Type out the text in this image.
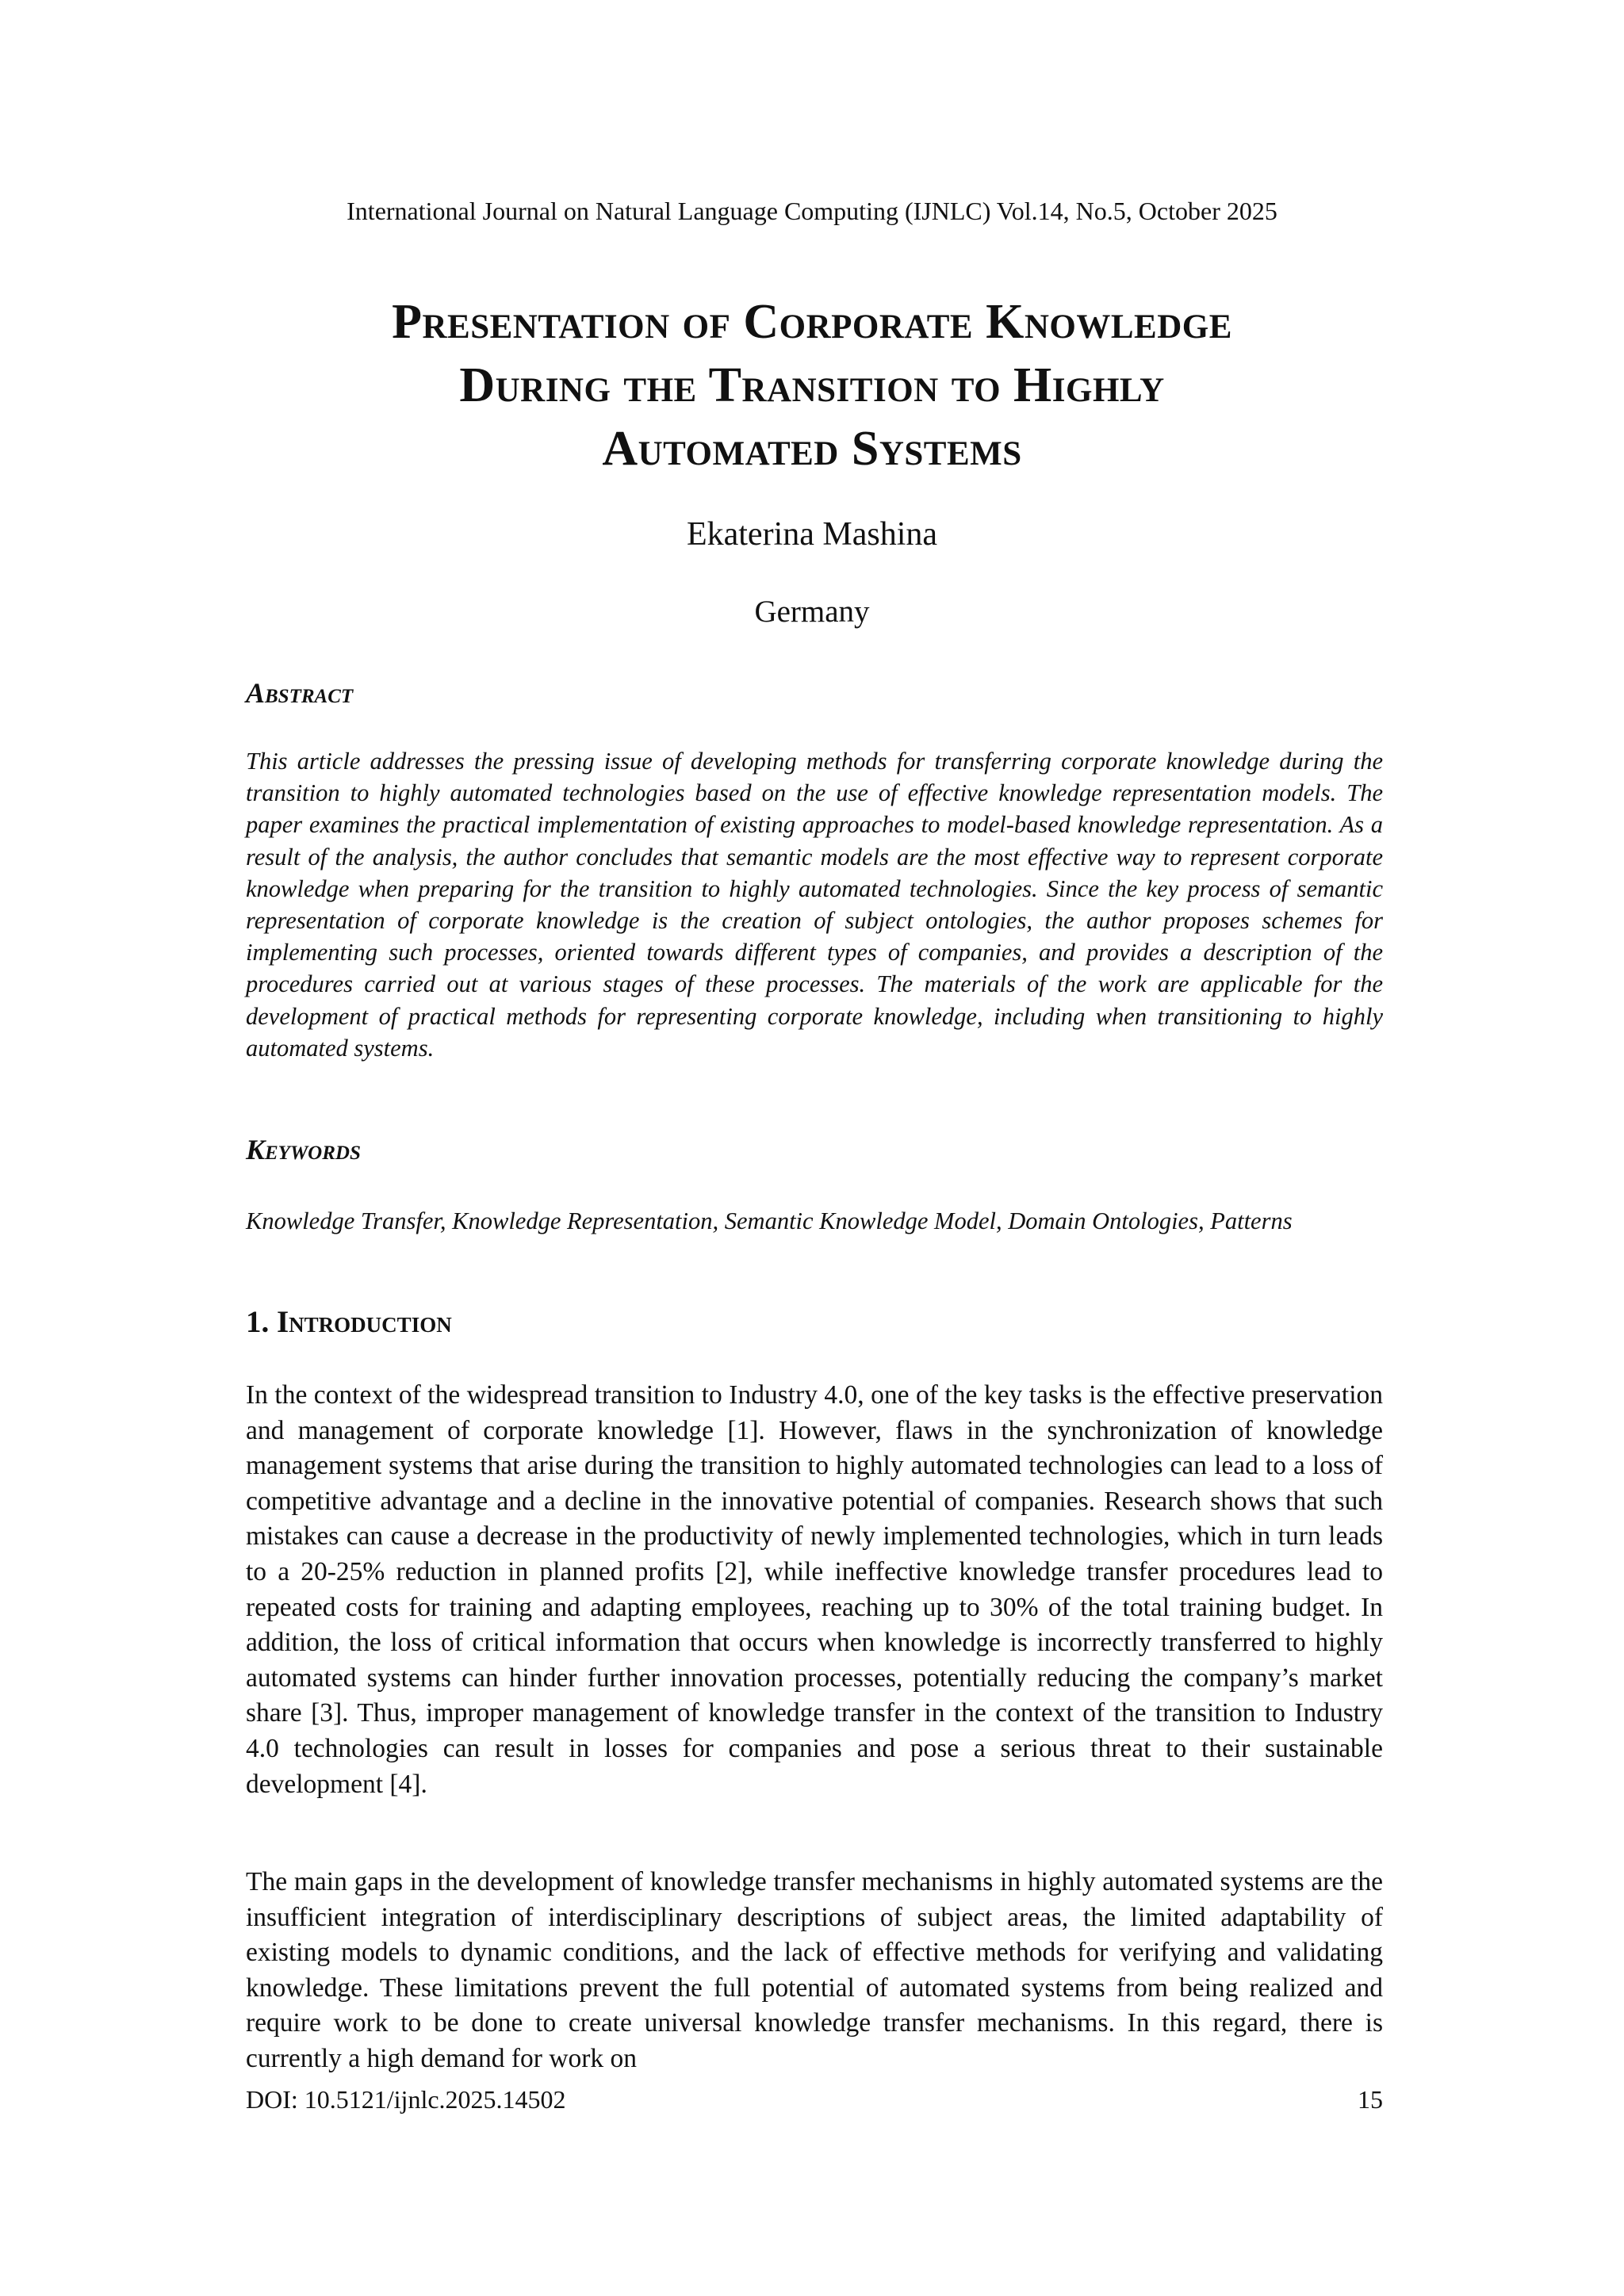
International Journal on Natural Language Computing (IJNLC) Vol.14, No.5, October 2025
Presentation of Corporate Knowledge
During the Transition to Highly
Automated Systems
Ekaterina Mashina
Germany
Abstract
This article addresses the pressing issue of developing methods for transferring corporate knowledge during the transition to highly automated technologies based on the use of effective knowledge representation models. The paper examines the practical implementation of existing approaches to model-based knowledge representation. As a result of the analysis, the author concludes that semantic models are the most effective way to represent corporate knowledge when preparing for the transition to highly automated technologies. Since the key process of semantic representation of corporate knowledge is the creation of subject ontologies, the author proposes schemes for implementing such processes, oriented towards different types of companies, and provides a description of the procedures carried out at various stages of these processes. The materials of the work are applicable for the development of practical methods for representing corporate knowledge, including when transitioning to highly automated systems.
Keywords
Knowledge Transfer, Knowledge Representation, Semantic Knowledge Model, Domain Ontologies, Patterns
1. Introduction
In the context of the widespread transition to Industry 4.0, one of the key tasks is the effective preservation and management of corporate knowledge [1]. However, flaws in the synchronization of knowledge management systems that arise during the transition to highly automated technologies can lead to a loss of competitive advantage and a decline in the innovative potential of companies. Research shows that such mistakes can cause a decrease in the productivity of newly implemented technologies, which in turn leads to a 20-25% reduction in planned profits [2], while ineffective knowledge transfer procedures lead to repeated costs for training and adapting employees, reaching up to 30% of the total training budget. In addition, the loss of critical information that occurs when knowledge is incorrectly transferred to highly automated systems can hinder further innovation processes, potentially reducing the company’s market share [3]. Thus, improper management of knowledge transfer in the context of the transition to Industry 4.0 technologies can result in losses for companies and pose a serious threat to their sustainable development [4].
The main gaps in the development of knowledge transfer mechanisms in highly automated systems are the insufficient integration of interdisciplinary descriptions of subject areas, the limited adaptability of existing models to dynamic conditions, and the lack of effective methods for verifying and validating knowledge. These limitations prevent the full potential of automated systems from being realized and require work to be done to create universal knowledge transfer mechanisms. In this regard, there is currently a high demand for work on
DOI: 10.5121/ijnlc.2025.14502	15
